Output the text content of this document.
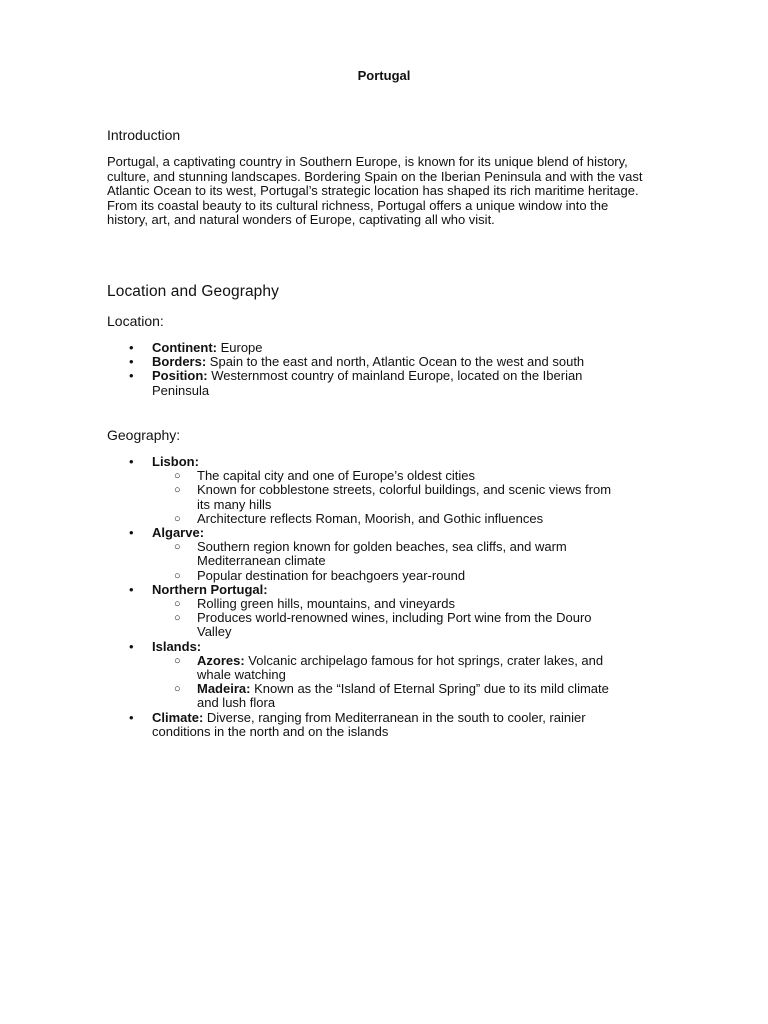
Portugal
Introduction

Portugal, a captivating country in Southern Europe, is known for its unique blend of history, culture, and stunning landscapes. Bordering Spain on the Iberian Peninsula and with the vast Atlantic Ocean to its west, Portugal’s strategic location has shaped its rich maritime heritage. From its coastal beauty to its cultural richness, Portugal offers a unique window into the history, art, and natural wonders of Europe, captivating all who visit.

Location and Geography
Location:
• Continent: Europe
• Borders: Spain to the east and north, Atlantic Ocean to the west and south
• Position: Westernmost country of mainland Europe, located on the Iberian Peninsula
Geography:
• Lisbon:
○ The capital city and one of Europe’s oldest cities
○ Known for cobblestone streets, colorful buildings, and scenic views from its many hills
○ Architecture reflects Roman, Moorish, and Gothic influences
• Algarve:
○ Southern region known for golden beaches, sea cliffs, and warm Mediterranean climate
○ Popular destination for beachgoers year-round
• Northern Portugal:
○ Rolling green hills, mountains, and vineyards
○ Produces world-renowned wines, including Port wine from the Douro Valley
• Islands:
○ Azores: Volcanic archipelago famous for hot springs, crater lakes, and whale watching
○ Madeira: Known as the “Island of Eternal Spring” due to its mild climate and lush flora
• Climate: Diverse, ranging from Mediterranean in the south to cooler, rainier conditions in the north and on the islands
